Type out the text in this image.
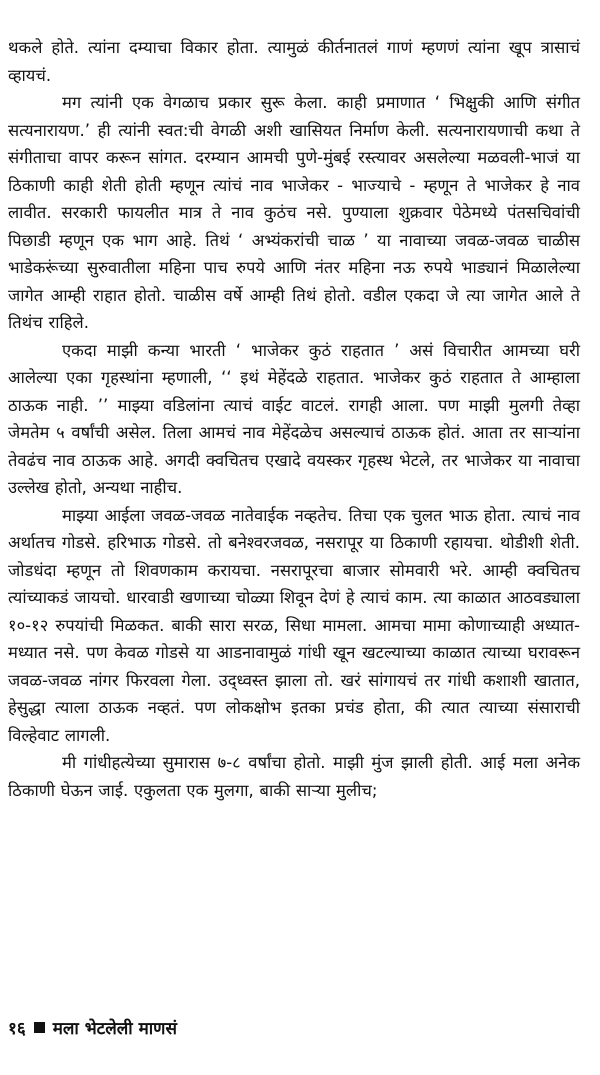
थकले होते. त्यांना दम्याचा विकार होता. त्यामुळं कीर्तनातलं गाणं म्हणणं त्यांना खूप त्रासाचं व्हायचं.

मग त्यांनी एक वेगळाच प्रकार सुरू केला. काही प्रमाणात ‘ भिक्षुकी आणि संगीत सत्यनारायण.’ ही त्यांनी स्वत:ची वेगळी अशी खासियत निर्माण केली. सत्यनारायणाची कथा ते संगीताचा वापर करून सांगत. दरम्यान आमची पुणे-मुंबई रस्त्यावर असलेल्या मळवली-भाजं या ठिकाणी काही शेती होती म्हणून त्यांचं नाव भाजेकर - भाज्याचे - म्हणून ते भाजेकर हे नाव लावीत. सरकारी फायलीत मात्र ते नाव कुठंच नसे. पुण्याला शुक्रवार पेठेमध्ये पंतसचिवांची पिछाडी म्हणून एक भाग आहे. तिथं ‘ अभ्यंकरांची चाळ ’ या नावाच्या जवळ-जवळ चाळीस भाडेकरूंच्या सुरुवातीला महिना पाच रुपये आणि नंतर महिना नऊ रुपये भाड्यानं मिळालेल्या जागेत आम्ही राहात होतो. चाळीस वर्षे आम्ही तिथं होतो. वडील एकदा जे त्या जागेत आले ते तिथंच राहिले.

एकदा माझी कन्या भारती ‘ भाजेकर कुठं राहतात ’ असं विचारीत आमच्या घरी आलेल्या एका गृहस्थांना म्हणाली, ‘‘ इथं मेहेंदळे राहतात. भाजेकर कुठं राहतात ते आम्हाला ठाऊक नाही. ’’ माझ्या वडिलांना त्याचं वाईट वाटलं. रागही आला. पण माझी मुलगी तेव्हा जेमतेम ५ वर्षांची असेल. तिला आमचं नाव मेहेंदळेच असल्याचं ठाऊक होतं. आता तर साऱ्यांना तेवढंच नाव ठाऊक आहे. अगदी क्वचितच एखादे वयस्कर गृहस्थ भेटले, तर भाजेकर या नावाचा उल्लेख होतो, अन्यथा नाहीच.

माझ्या आईला जवळ-जवळ नातेवाईक नव्हतेच. तिचा एक चुलत भाऊ होता. त्याचं नाव अर्थातच गोडसे. हरिभाऊ गोडसे. तो बनेश्वरजवळ, नसरापूर या ठिकाणी रहायचा. थोडीशी शेती. जोडधंदा म्हणून तो शिवणकाम करायचा. नसरापूरचा बाजार सोमवारी भरे. आम्ही क्वचितच त्यांच्याकडं जायचो. धारवाडी खणाच्या चोळ्या शिवून देणं हे त्याचं काम. त्या काळात आठवड्याला १०-१२ रुपयांची मिळकत. बाकी सारा सरळ, सिधा मामला. आमचा मामा कोणाच्याही अध्यात-मध्यात नसे. पण केवळ गोडसे या आडनावामुळं गांधी खून खटल्याच्या काळात त्याच्या घरावरून जवळ-जवळ नांगर फिरवला गेला. उद्ध्वस्त झाला तो. खरं सांगायचं तर गांधी कशाशी खातात, हेसुद्धा त्याला ठाऊक नव्हतं. पण लोकक्षोभ इतका प्रचंड होता, की त्यात त्याच्या संसाराची विल्हेवाट लागली.

मी गांधीहत्येच्या सुमारास ७-८ वर्षांचा होतो. माझी मुंज झाली होती. आई मला अनेक ठिकाणी घेऊन जाई. एकुलता एक मुलगा, बाकी साऱ्या मुलीच;

१६ मला भेटलेली माणसं
